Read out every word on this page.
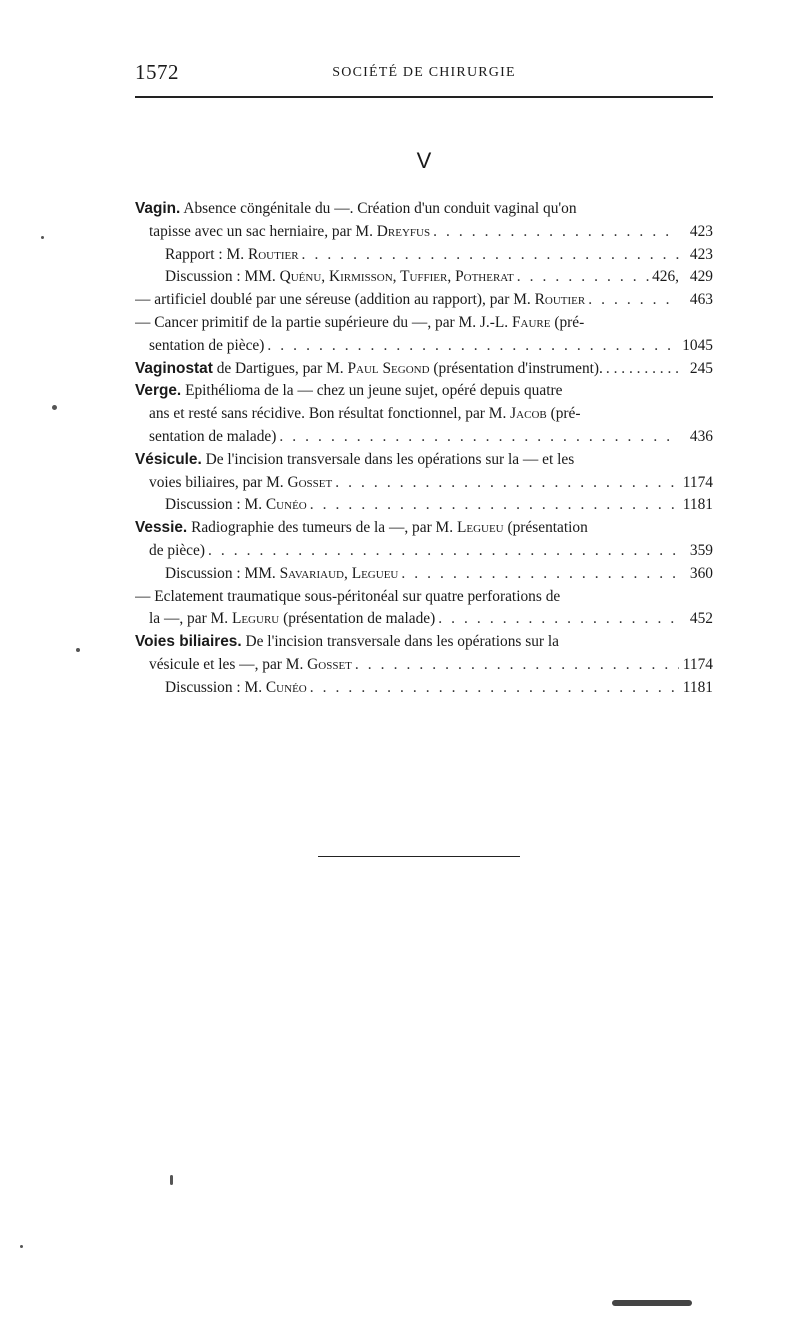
1572	SOCIÉTÉ DE CHIRURGIE
V
Vagin. Absence cöngénitale du —. Création d'un conduit vaginal qu'on
tapisse avec un sac herniaire, par M. Dreyfus . . .	423
Rapport : M. Routier . . .	423
Discussion : MM. Quénu, Kirmisson, Tuffier, Potherat . . .	426, 429
— artificiel doublé par une séreuse (addition au rapport), par M. Routier . . .	463
— Cancer primitif de la partie supérieure du —, par M. J.-L. Faure (pré-
sentation de pièce) . . .	1045
Vaginostat de Dartigues, par M. Paul Segond (présentation d'instrument). . . .	245
Verge. Epithélioma de la — chez un jeune sujet, opéré depuis quatre
ans et resté sans récidive. Bon résultat fonctionnel, par M. Jacob (pré-
sentation de malade) . . .	436
Vésicule. De l'incision transversale dans les opérations sur la — et les
voies biliaires, par M. Gosset . . .	1174
Discussion : M. Cunéo . . .	1181
Vessie. Radiographie des tumeurs de la —, par M. Legueu (présentation
de pièce) . . .	359
Discussion : MM. Savariaud, Legueu . . .	360
— Eclatement traumatique sous-péritonéal sur quatre perforations de
la —, par M. Leguru (présentation de malade) . . .	452
Voies biliaires. De l'incision transversale dans les opérations sur la
vésicule et les —, par M. Gosset . . .	1174
Discussion : M. Cunéo . . .	1181
